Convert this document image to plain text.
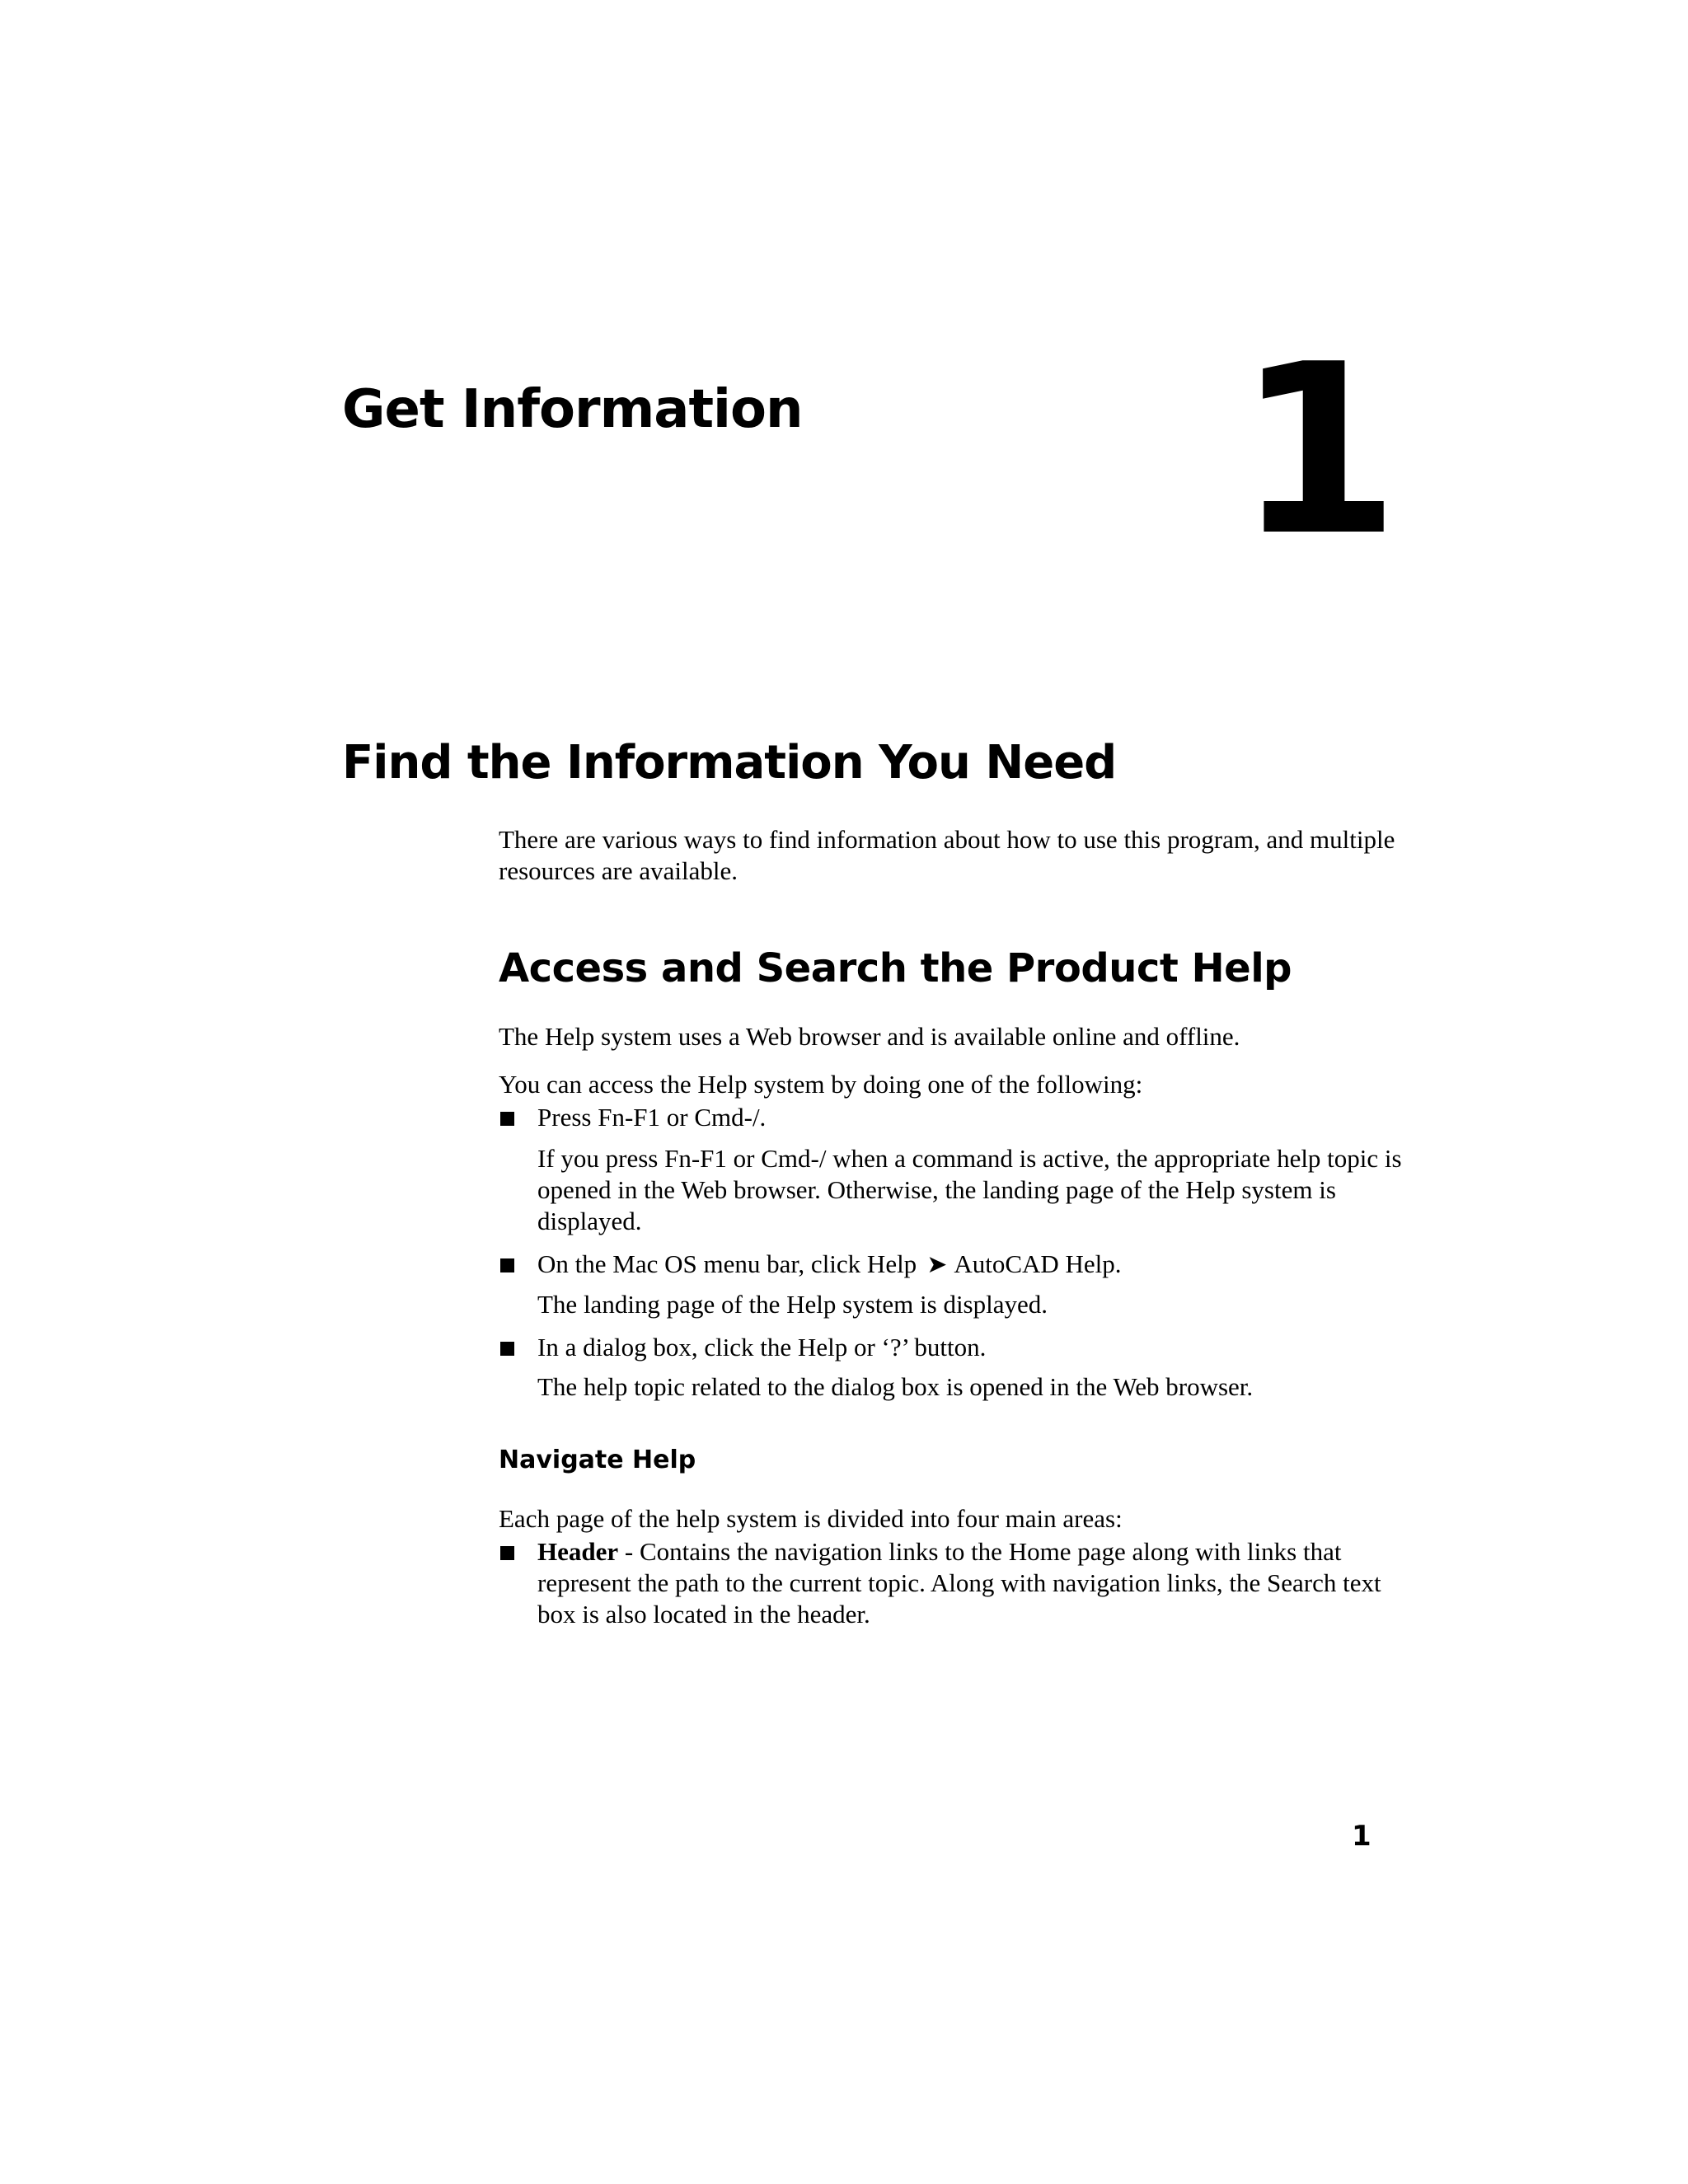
Get Information 1
Find the Information You Need

There are various ways to find information about how to use this program, and multiple resources are available.

Access and Search the Product Help

The Help system uses a Web browser and is available online and offline.

You can access the Help system by doing one of the following:

Press Fn-F1 or Cmd-/.

If you press Fn-F1 or Cmd-/ when a command is active, the appropriate help topic is opened in the Web browser. Otherwise, the landing page of the Help system is displayed.

On the Mac OS menu bar, click Help ➤ AutoCAD Help.

The landing page of the Help system is displayed.

In a dialog box, click the Help or ‘?’ button.

The help topic related to the dialog box is opened in the Web browser.

Navigate Help

Each page of the help system is divided into four main areas:

Header - Contains the navigation links to the Home page along with links that represent the path to the current topic. Along with navigation links, the Search text box is also located in the header.

1
